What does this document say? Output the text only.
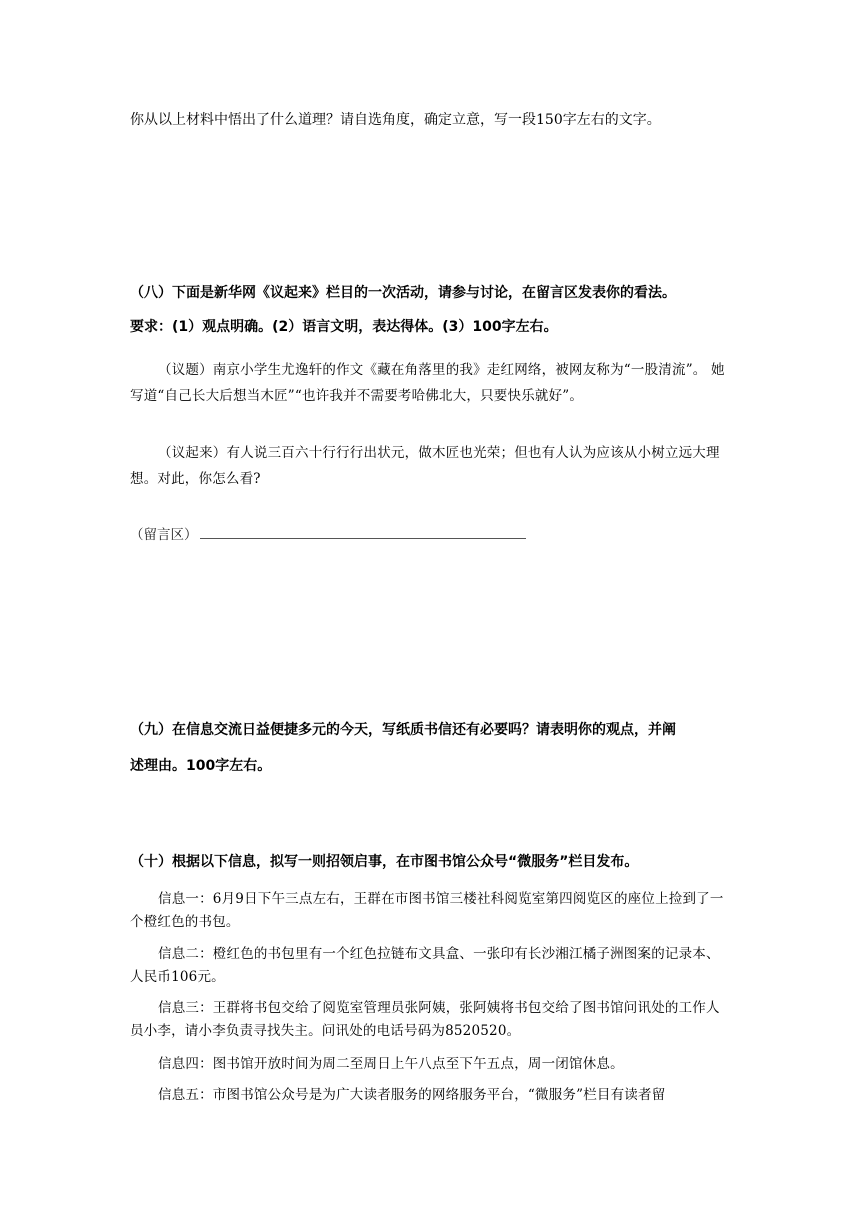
你从以上材料中悟出了什么道理？请自选角度，确定立意，写一段150字左右的文字。

（八）下面是新华网《议起来》栏目的一次活动，请参与讨论，在留言区发表你的看法。

要求：(1）观点明确。(2）语言文明，表达得体。(3）100字左右。

（议题）南京小学生尤逸轩的作文《藏在角落里的我》走红网络，被网友称为“一股清流”。 她写道“自己长大后想当木匠”“也许我并不需要考哈佛北大，只要快乐就好”。

（议起来）有人说三百六十行行行出状元，做木匠也光荣；但也有人认为应该从小树立远大理想。对此，你怎么看?

（留言区）

（九）在信息交流日益便捷多元的今天，写纸质书信还有必要吗？请表明你的观点，并阐

述理由。100字左右。

（十）根据以下信息，拟写一则招领启事，在市图书馆公众号“微服务”栏目发布。

信息一：6月9日下午三点左右，王群在市图书馆三楼社科阅览室第四阅览区的座位上捡到了一个橙红色的书包。

信息二：橙红色的书包里有一个红色拉链布文具盒、一张印有长沙湘江橘子洲图案的记录本、人民币106元。

信息三：王群将书包交给了阅览室管理员张阿姨，张阿姨将书包交给了图书馆问讯处的工作人员小李，请小李负责寻找失主。问讯处的电话号码为8520520。

信息四：图书馆开放时间为周二至周日上午八点至下午五点，周一闭馆休息。

信息五：市图书馆公众号是为广大读者服务的网络服务平台，“微服务”栏目有读者留
